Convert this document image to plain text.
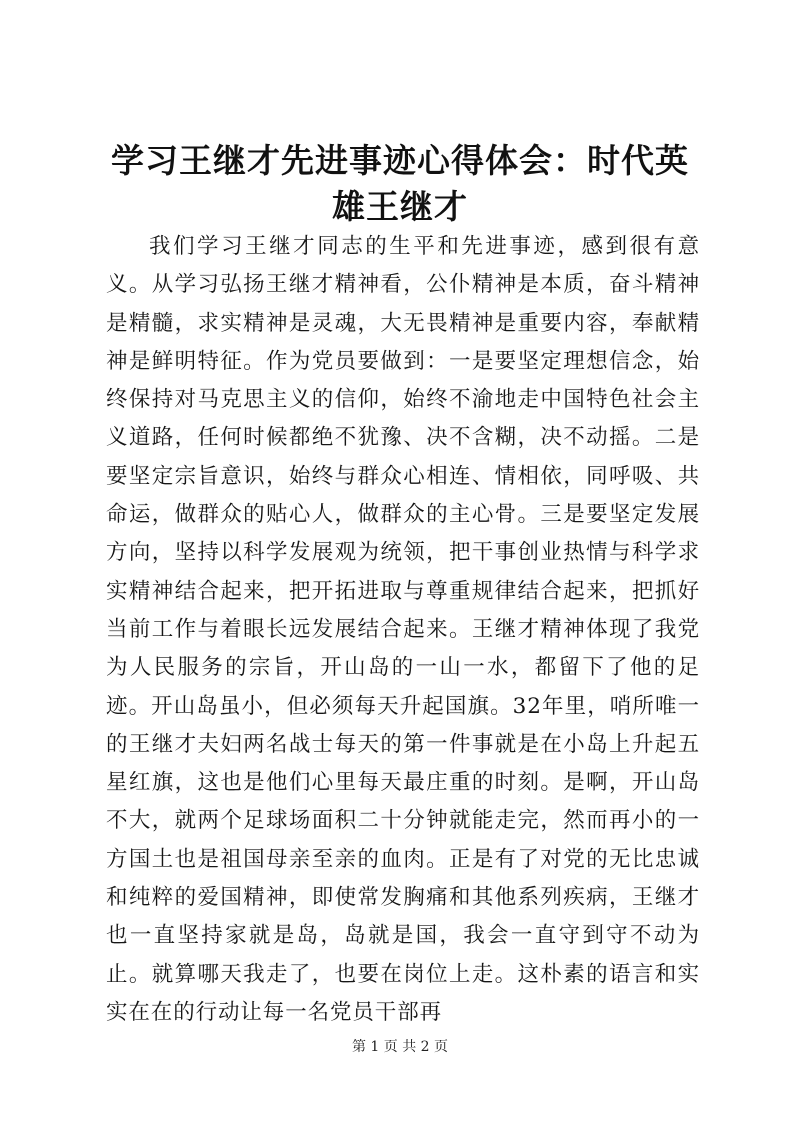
学习王继才先进事迹心得体会：时代英雄王继才

我们学习王继才同志的生平和先进事迹，感到很有意义。从学习弘扬王继才精神看，公仆精神是本质，奋斗精神是精髓，求实精神是灵魂，大无畏精神是重要内容，奉献精神是鲜明特征。作为党员要做到：一是要坚定理想信念，始终保持对马克思主义的信仰，始终不渝地走中国特色社会主义道路，任何时候都绝不犹豫、决不含糊，决不动摇。二是要坚定宗旨意识，始终与群众心相连、情相依，同呼吸、共命运，做群众的贴心人，做群众的主心骨。三是要坚定发展方向，坚持以科学发展观为统领，把干事创业热情与科学求实精神结合起来，把开拓进取与尊重规律结合起来，把抓好当前工作与着眼长远发展结合起来。王继才精神体现了我党为人民服务的宗旨，开山岛的一山一水，都留下了他的足迹。开山岛虽小，但必须每天升起国旗。32年里，哨所唯一的王继才夫妇两名战士每天的第一件事就是在小岛上升起五星红旗，这也是他们心里每天最庄重的时刻。是啊，开山岛不大，就两个足球场面积二十分钟就能走完，然而再小的一方国土也是祖国母亲至亲的血肉。正是有了对党的无比忠诚和纯粹的爱国精神，即使常发胸痛和其他系列疾病，王继才也一直坚持家就是岛，岛就是国，我会一直守到守不动为止。就算哪天我走了，也要在岗位上走。这朴素的语言和实实在在的行动让每一名党员干部再

第 1 页 共 2 页
